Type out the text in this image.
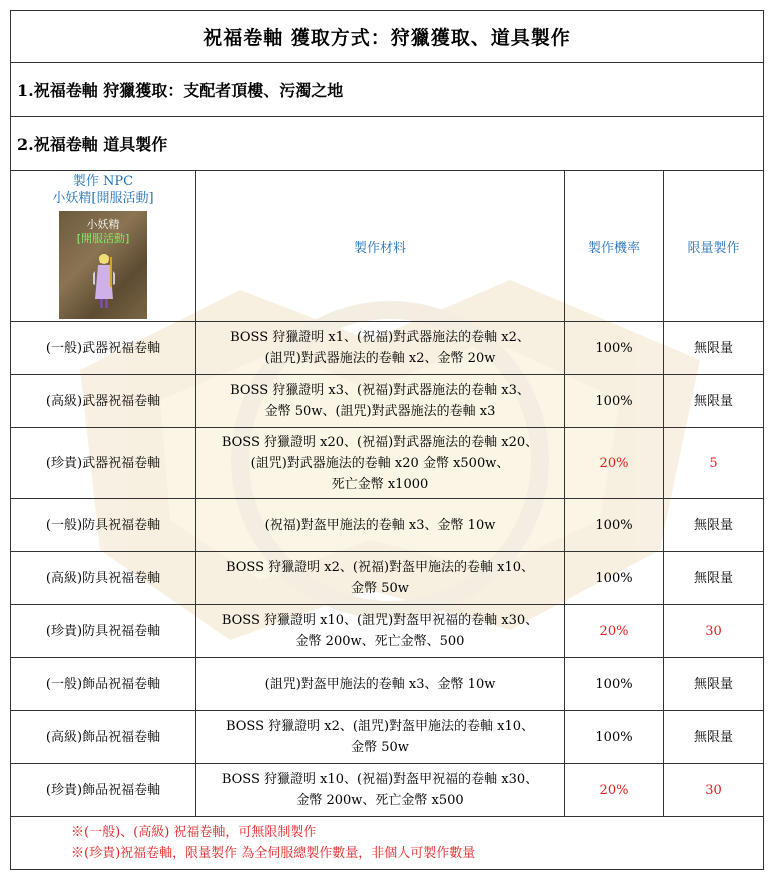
祝福卷軸 獲取方式：狩獵獲取、道具製作			
1.祝福卷軸 狩獵獲取：支配者頂樓、污濁之地			
2.祝福卷軸 道具製作			

製作 NPC
小妖精[開服活動]
小妖精
[開服活動]	製作材料	製作機率	限量製作
(一般)武器祝福卷軸	BOSS 狩獵證明 x1、(祝福)對武器施法的卷軸 x2、
(詛咒)對武器施法的卷軸 x2、金幣 20w	100%	無限量
(高級)武器祝福卷軸	BOSS 狩獵證明 x3、(祝福)對武器施法的卷軸 x3、
金幣 50w、(詛咒)對武器施法的卷軸 x3	100%	無限量
(珍貴)武器祝福卷軸	BOSS 狩獵證明 x20、(祝福)對武器施法的卷軸 x20、
(詛咒)對武器施法的卷軸 x20 金幣 x500w、
死亡金幣 x1000	20%	5
(一般)防具祝福卷軸	(祝福)對盔甲施法的卷軸 x3、金幣 10w	100%	無限量
(高級)防具祝福卷軸	BOSS 狩獵證明 x2、(祝福)對盔甲施法的卷軸 x10、
金幣 50w	100%	無限量
(珍貴)防具祝福卷軸	BOSS 狩獵證明 x10、(詛咒)對盔甲祝福的卷軸 x30、
金幣 200w、死亡金幣、500	20%	30
(一般)飾品祝福卷軸	(詛咒)對盔甲施法的卷軸 x3、金幣 10w	100%	無限量
(高級)飾品祝福卷軸	BOSS 狩獵證明 x2、(詛咒)對盔甲施法的卷軸 x10、
金幣 50w	100%	無限量
(珍貴)飾品祝福卷軸	BOSS 狩獵證明 x10、(祝福)對盔甲祝福的卷軸 x30、
金幣 200w、死亡金幣 x500	20%	30

※(一般)、(高級) 祝福卷軸，可無限制製作
※(珍貴)祝福卷軸，限量製作 為全伺服總製作數量，非個人可製作數量			
